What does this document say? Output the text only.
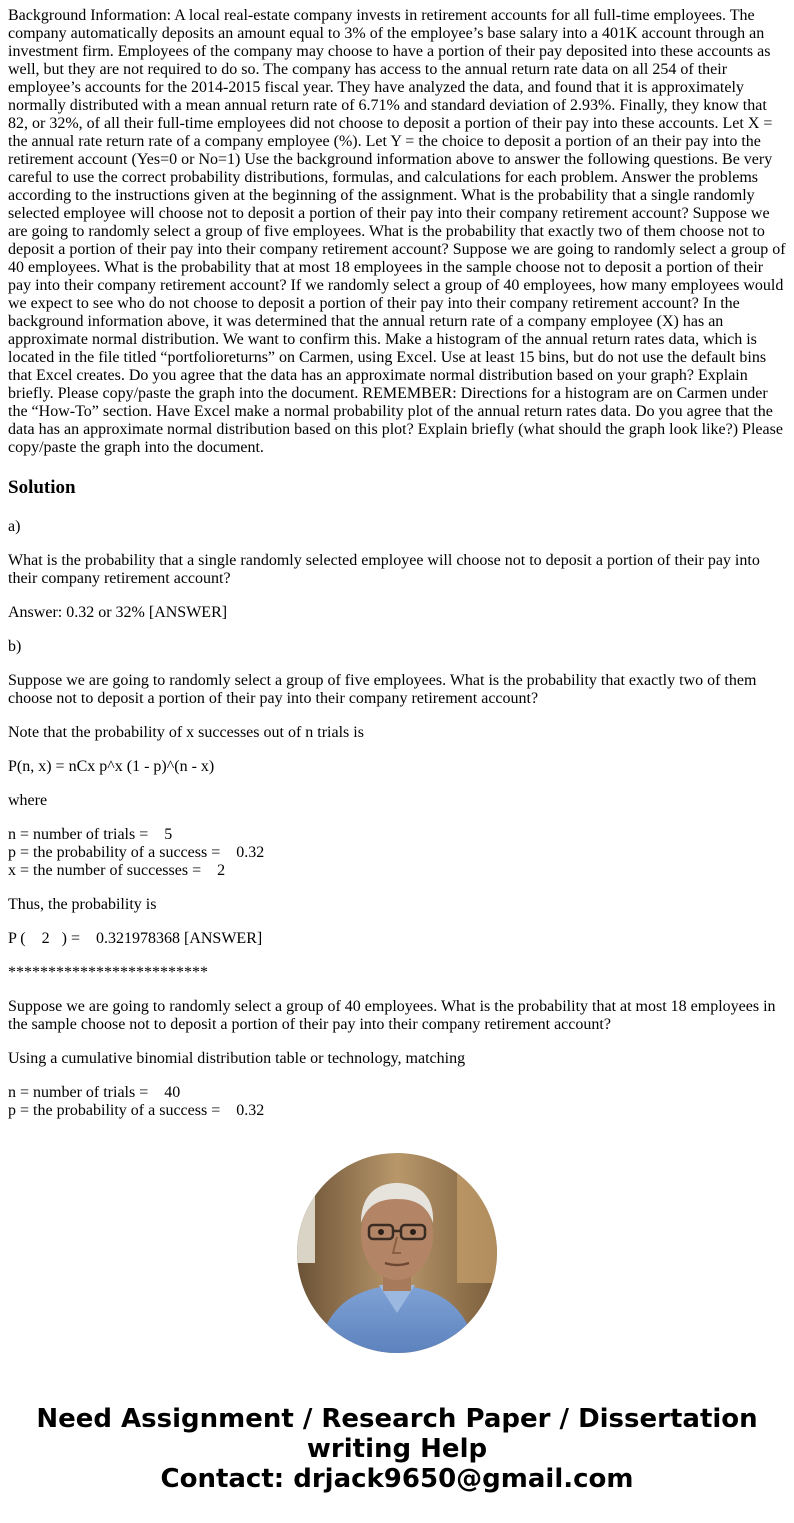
Background Information: A local real-estate company invests in retirement accounts for all full-time employees. The company automatically deposits an amount equal to 3% of the employee’s base salary into a 401K account through an investment firm. Employees of the company may choose to have a portion of their pay deposited into these accounts as well, but they are not required to do so. The company has access to the annual return rate data on all 254 of their employee’s accounts for the 2014-2015 fiscal year. They have analyzed the data, and found that it is approximately normally distributed with a mean annual return rate of 6.71% and standard deviation of 2.93%. Finally, they know that 82, or 32%, of all their full-time employees did not choose to deposit a portion of their pay into these accounts. Let X = the annual rate return rate of a company employee (%). Let Y = the choice to deposit a portion of an their pay into the retirement account (Yes=0 or No=1) Use the background information above to answer the following questions. Be very careful to use the correct probability distributions, formulas, and calculations for each problem. Answer the problems according to the instructions given at the beginning of the assignment. What is the probability that a single randomly selected employee will choose not to deposit a portion of their pay into their company retirement account? Suppose we are going to randomly select a group of five employees. What is the probability that exactly two of them choose not to deposit a portion of their pay into their company retirement account? Suppose we are going to randomly select a group of 40 employees. What is the probability that at most 18 employees in the sample choose not to deposit a portion of their pay into their company retirement account? If we randomly select a group of 40 employees, how many employees would we expect to see who do not choose to deposit a portion of their pay into their company retirement account? In the background information above, it was determined that the annual return rate of a company employee (X) has an approximate normal distribution. We want to confirm this. Make a histogram of the annual return rates data, which is located in the file titled “portfolioreturns” on Carmen, using Excel. Use at least 15 bins, but do not use the default bins that Excel creates. Do you agree that the data has an approximate normal distribution based on your graph? Explain briefly. Please copy/paste the graph into the document. REMEMBER: Directions for a histogram are on Carmen under the “How-To” section. Have Excel make a normal probability plot of the annual return rates data. Do you agree that the data has an approximate normal distribution based on this plot? Explain briefly (what should the graph look like?) Please copy/paste the graph into the document.

Solution

a)

What is the probability that a single randomly selected employee will choose not to deposit a portion of their pay into their company retirement account?

Answer: 0.32 or 32% [ANSWER]

b)

Suppose we are going to randomly select a group of five employees. What is the probability that exactly two of them choose not to deposit a portion of their pay into their company retirement account?

Note that the probability of x successes out of n trials is

P(n, x) = nCx p^x (1 - p)^(n - x)

where

n = number of trials =    5
p = the probability of a success =    0.32
x = the number of successes =    2

Thus, the probability is

P (    2   ) =    0.321978368 [ANSWER]

*************************

Suppose we are going to randomly select a group of 40 employees. What is the probability that at most 18 employees in the sample choose not to deposit a portion of their pay into their company retirement account?

Using a cumulative binomial distribution table or technology, matching

n = number of trials =    40
p = the probability of a success =    0.32
Need Assignment / Research Paper / Dissertation
writing Help
Contact: drjack9650@gmail.com
